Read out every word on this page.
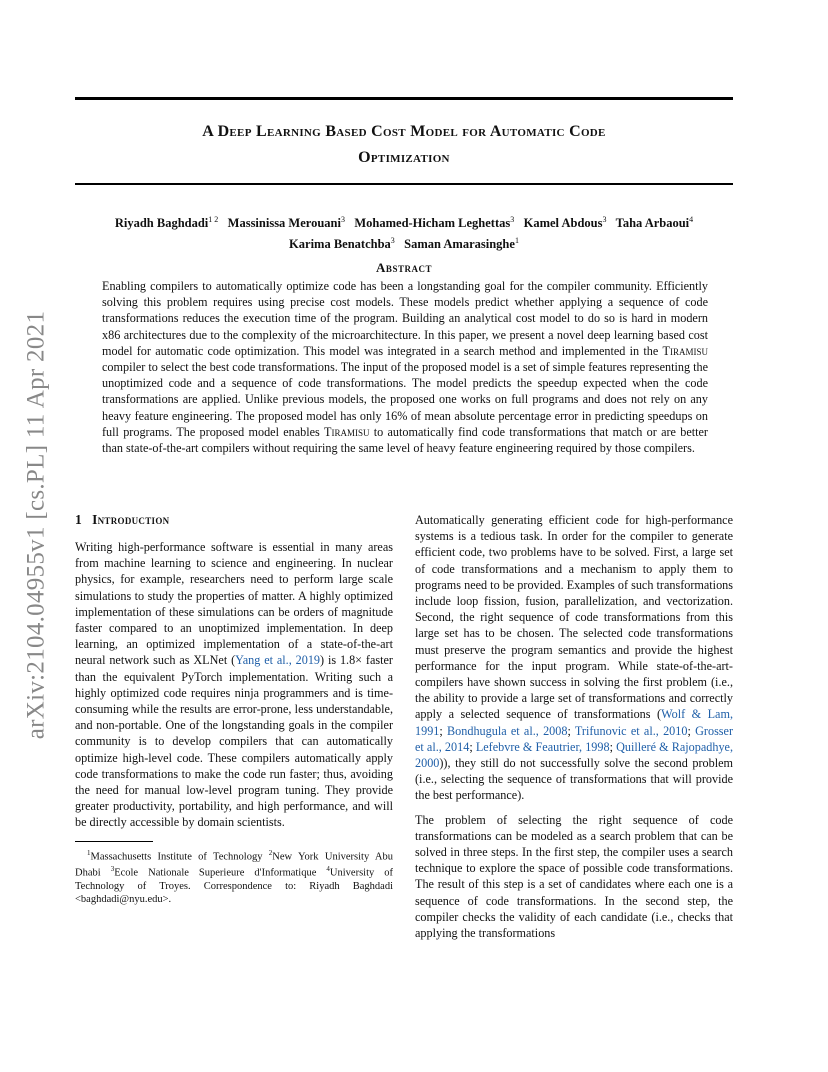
A Deep Learning Based Cost Model for Automatic Code
Optimization
Riyadh Baghdadi$^{1 2}$ Massinissa Merouani$^3$ Mohamed-Hicham Leghettas$^3$ Kamel Abdous$^3$ Taha Arbaoui$^4$
Karima Benatchba$^3$ Saman Amarasinghe$^1$
Abstract
Enabling compilers to automatically optimize code has been a longstanding goal for the compiler community. Efficiently solving this problem requires using precise cost models. These models predict whether applying a sequence of code transformations reduces the execution time of the program. Building an analytical cost model to do so is hard in modern x86 architectures due to the complexity of the microarchitecture. In this paper, we present a novel deep learning based cost model for automatic code optimization. This model was integrated in a search method and implemented in the Tiramisu compiler to select the best code transformations. The input of the proposed model is a set of simple features representing the unoptimized code and a sequence of code transformations. The model predicts the speedup expected when the code transformations are applied. Unlike previous models, the proposed one works on full programs and does not rely on any heavy feature engineering. The proposed model has only 16% of mean absolute percentage error in predicting speedups on full programs. The proposed model enables Tiramisu to automatically find code transformations that match or are better than state-of-the-art compilers without requiring the same level of heavy feature engineering required by those compilers.
arXiv:2104.04955v1 [cs.PL] 11 Apr 2021 1 Introduction

Writing high-performance software is essential in many areas from machine learning to science and engineering. In nuclear physics, for example, researchers need to perform large scale simulations to study the properties of matter. A highly optimized implementation of these simulations can be orders of magnitude faster compared to an unoptimized implementation. In deep learning, an optimized implementation of a state-of-the-art neural network such as XLNet (Yang et al., 2019) is 1.8× faster than the equivalent PyTorch implementation. Writing such a highly optimized code requires ninja programmers and is time-consuming while the results are error-prone, less understandable, and non-portable. One of the longstanding goals in the compiler community is to develop compilers that can automatically optimize high-level code. These compilers automatically apply code transformations to make the code run faster; thus, avoiding the need for manual low-level program tuning. They provide greater productivity, portability, and high performance, and will be directly accessible by domain scientists.

$^1$Massachusetts Institute of Technology $^2$New York University Abu Dhabi $^3$Ecole Nationale Superieure d'Informatique $^4$University of Technology of Troyes. Correspondence to: Riyadh Baghdadi <baghdadi@nyu.edu>.

Automatically generating efficient code for high-performance systems is a tedious task. In order for the compiler to generate efficient code, two problems have to be solved. First, a large set of code transformations and a mechanism to apply them to programs need to be provided. Examples of such transformations include loop fission, fusion, parallelization, and vectorization. Second, the right sequence of code transformations from this large set has to be chosen. The selected code transformations must preserve the program semantics and provide the highest performance for the input program. While state-of-the-art-compilers have shown success in solving the first problem (i.e., the ability to provide a large set of transformations and correctly apply a selected sequence of transformations (Wolf & Lam, 1991; Bondhugula et al., 2008; Trifunovic et al., 2010; Grosser et al., 2014; Lefebvre & Feautrier, 1998; Quilleré & Rajopadhye, 2000)), they still do not successfully solve the second problem (i.e., selecting the sequence of transformations that will provide the best performance).

The problem of selecting the right sequence of code transformations can be modeled as a search problem that can be solved in three steps. In the first step, the compiler uses a search technique to explore the space of possible code transformations. The result of this step is a set of candidates where each one is a sequence of code transformations. In the second step, the compiler checks the validity of each candidate (i.e., checks that applying the transformations
